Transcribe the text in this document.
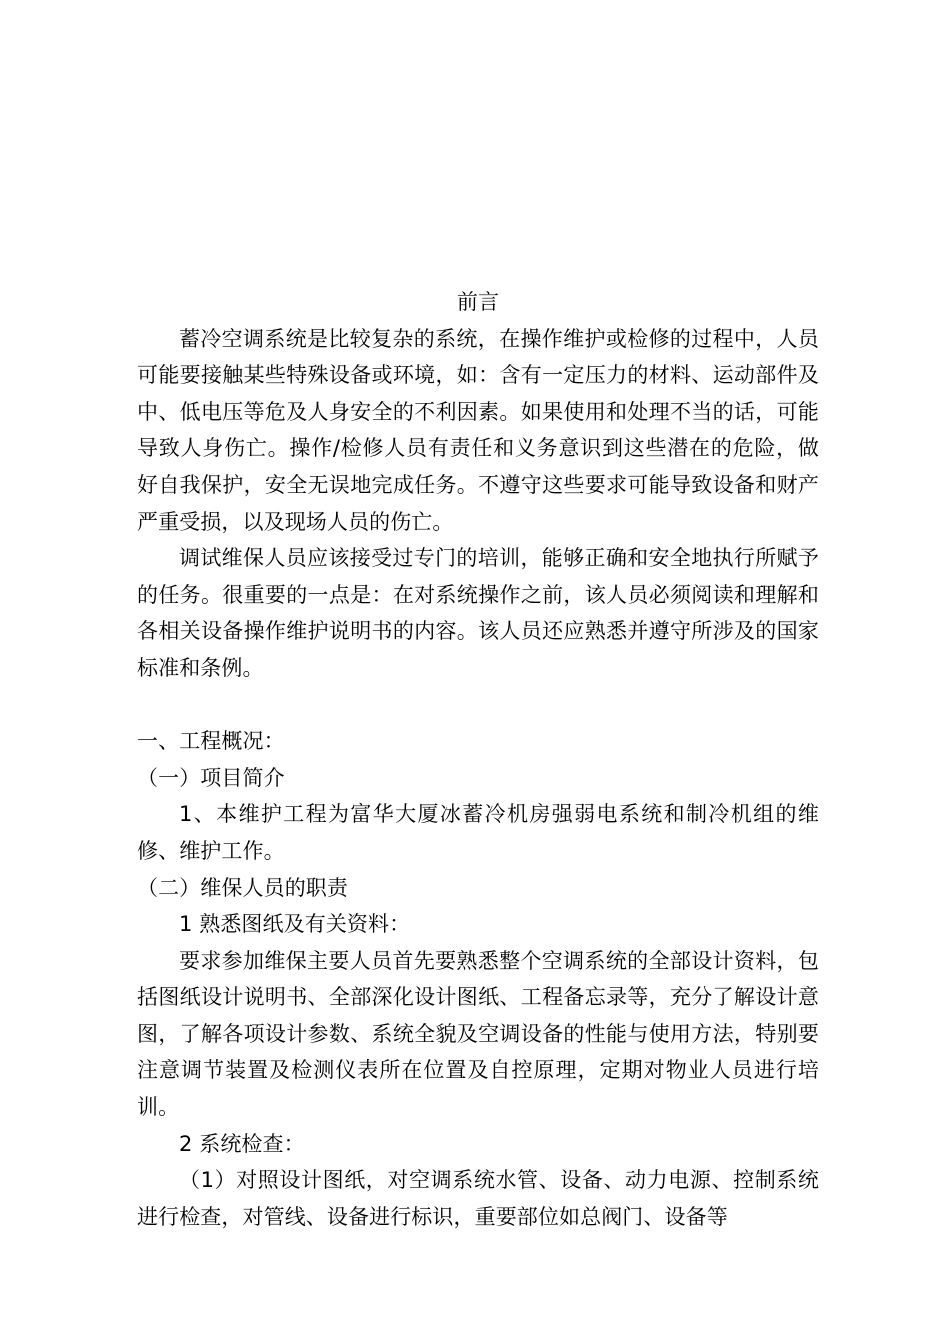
前言

蓄冷空调系统是比较复杂的系统，在操作维护或检修的过程中，人员可能要接触某些特殊设备或环境，如：含有一定压力的材料、运动部件及中、低电压等危及人身安全的不利因素。如果使用和处理不当的话，可能导致人身伤亡。操作/检修人员有责任和义务意识到这些潜在的危险，做好自我保护，安全无误地完成任务。不遵守这些要求可能导致设备和财产严重受损，以及现场人员的伤亡。

调试维保人员应该接受过专门的培训，能够正确和安全地执行所赋予的任务。很重要的一点是：在对系统操作之前，该人员必须阅读和理解和各相关设备操作维护说明书的内容。该人员还应熟悉并遵守所涉及的国家标准和条例。

一、工程概况：

（一）项目简介

1、本维护工程为富华大厦冰蓄冷机房强弱电系统和制冷机组的维修、维护工作。

（二）维保人员的职责

1 熟悉图纸及有关资料：

要求参加维保主要人员首先要熟悉整个空调系统的全部设计资料，包括图纸设计说明书、全部深化设计图纸、工程备忘录等，充分了解设计意图，了解各项设计参数、系统全貌及空调设备的性能与使用方法，特别要注意调节装置及检测仪表所在位置及自控原理，定期对物业人员进行培训。

2 系统检查：

（1）对照设计图纸，对空调系统水管、设备、动力电源、控制系统进行检查，对管线、设备进行标识，重要部位如总阀门、设备等
